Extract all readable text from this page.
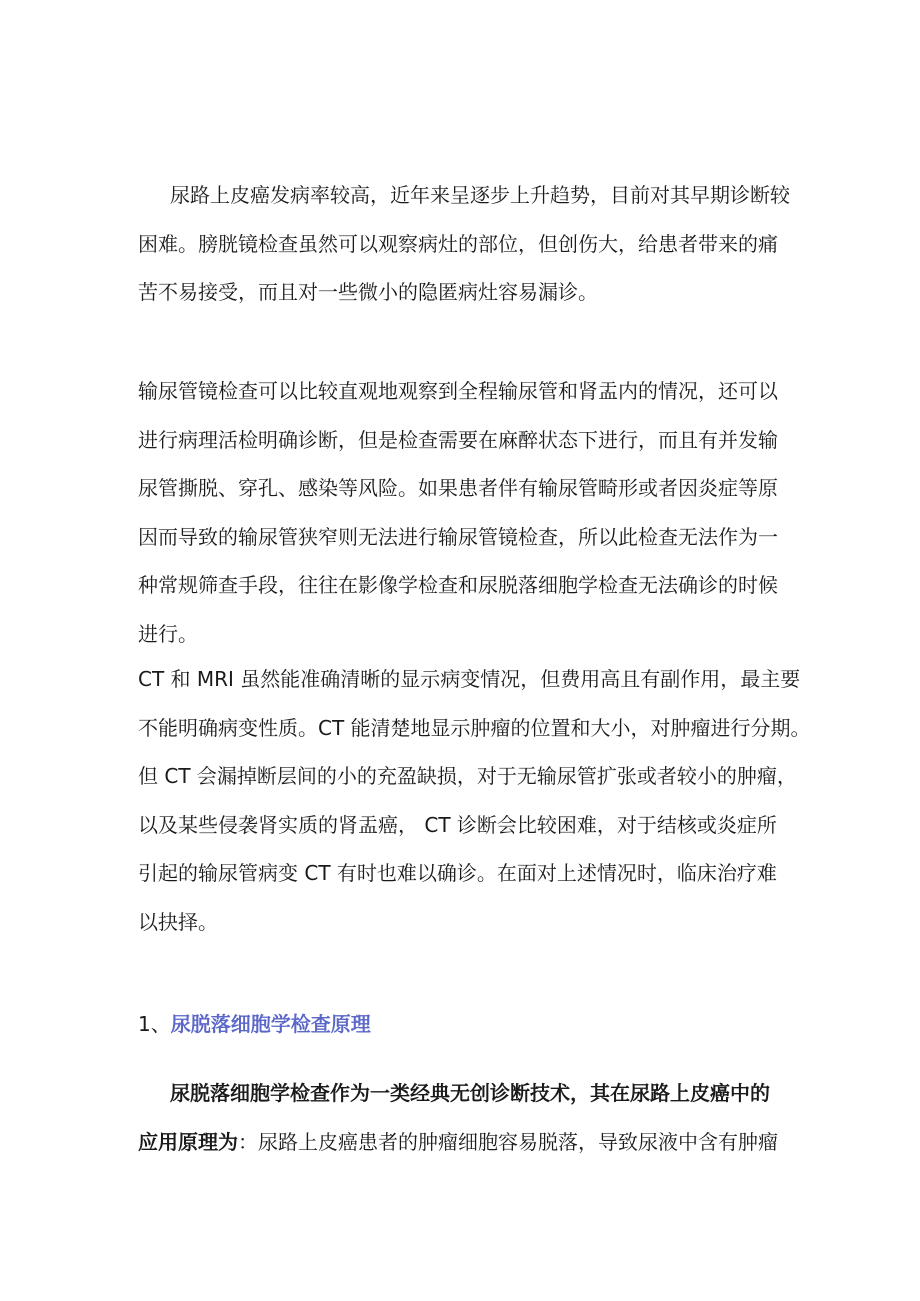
尿路上皮癌发病率较高，近年来呈逐步上升趋势，目前对其早期诊断较
困难。膀胱镜检查虽然可以观察病灶的部位，但创伤大，给患者带来的痛
苦不易接受，而且对一些微小的隐匿病灶容易漏诊。

输尿管镜检查可以比较直观地观察到全程输尿管和肾盂内的情况，还可以
进行病理活检明确诊断，但是检查需要在麻醉状态下进行，而且有并发输
尿管撕脱、穿孔、感染等风险。如果患者伴有输尿管畸形或者因炎症等原
因而导致的输尿管狭窄则无法进行输尿管镜检查，所以此检查无法作为一
种常规筛查手段，往往在影像学检查和尿脱落细胞学检查无法确诊的时候
进行。

CT 和 MRI 虽然能准确清晰的显示病变情况，但费用高且有副作用，最主要
不能明确病变性质。CT 能清楚地显示肿瘤的位置和大小，对肿瘤进行分期。
但 CT 会漏掉断层间的小的充盈缺损，对于无输尿管扩张或者较小的肿瘤，
以及某些侵袭肾实质的肾盂癌， CT 诊断会比较困难，对于结核或炎症所
引起的输尿管病变 CT 有时也难以确诊。在面对上述情况时，临床治疗难
以抉择。

1、尿脱落细胞学检查原理

尿脱落细胞学检查作为一类经典无创诊断技术，其在尿路上皮癌中的
应用原理为：尿路上皮癌患者的肿瘤细胞容易脱落，导致尿液中含有肿瘤
